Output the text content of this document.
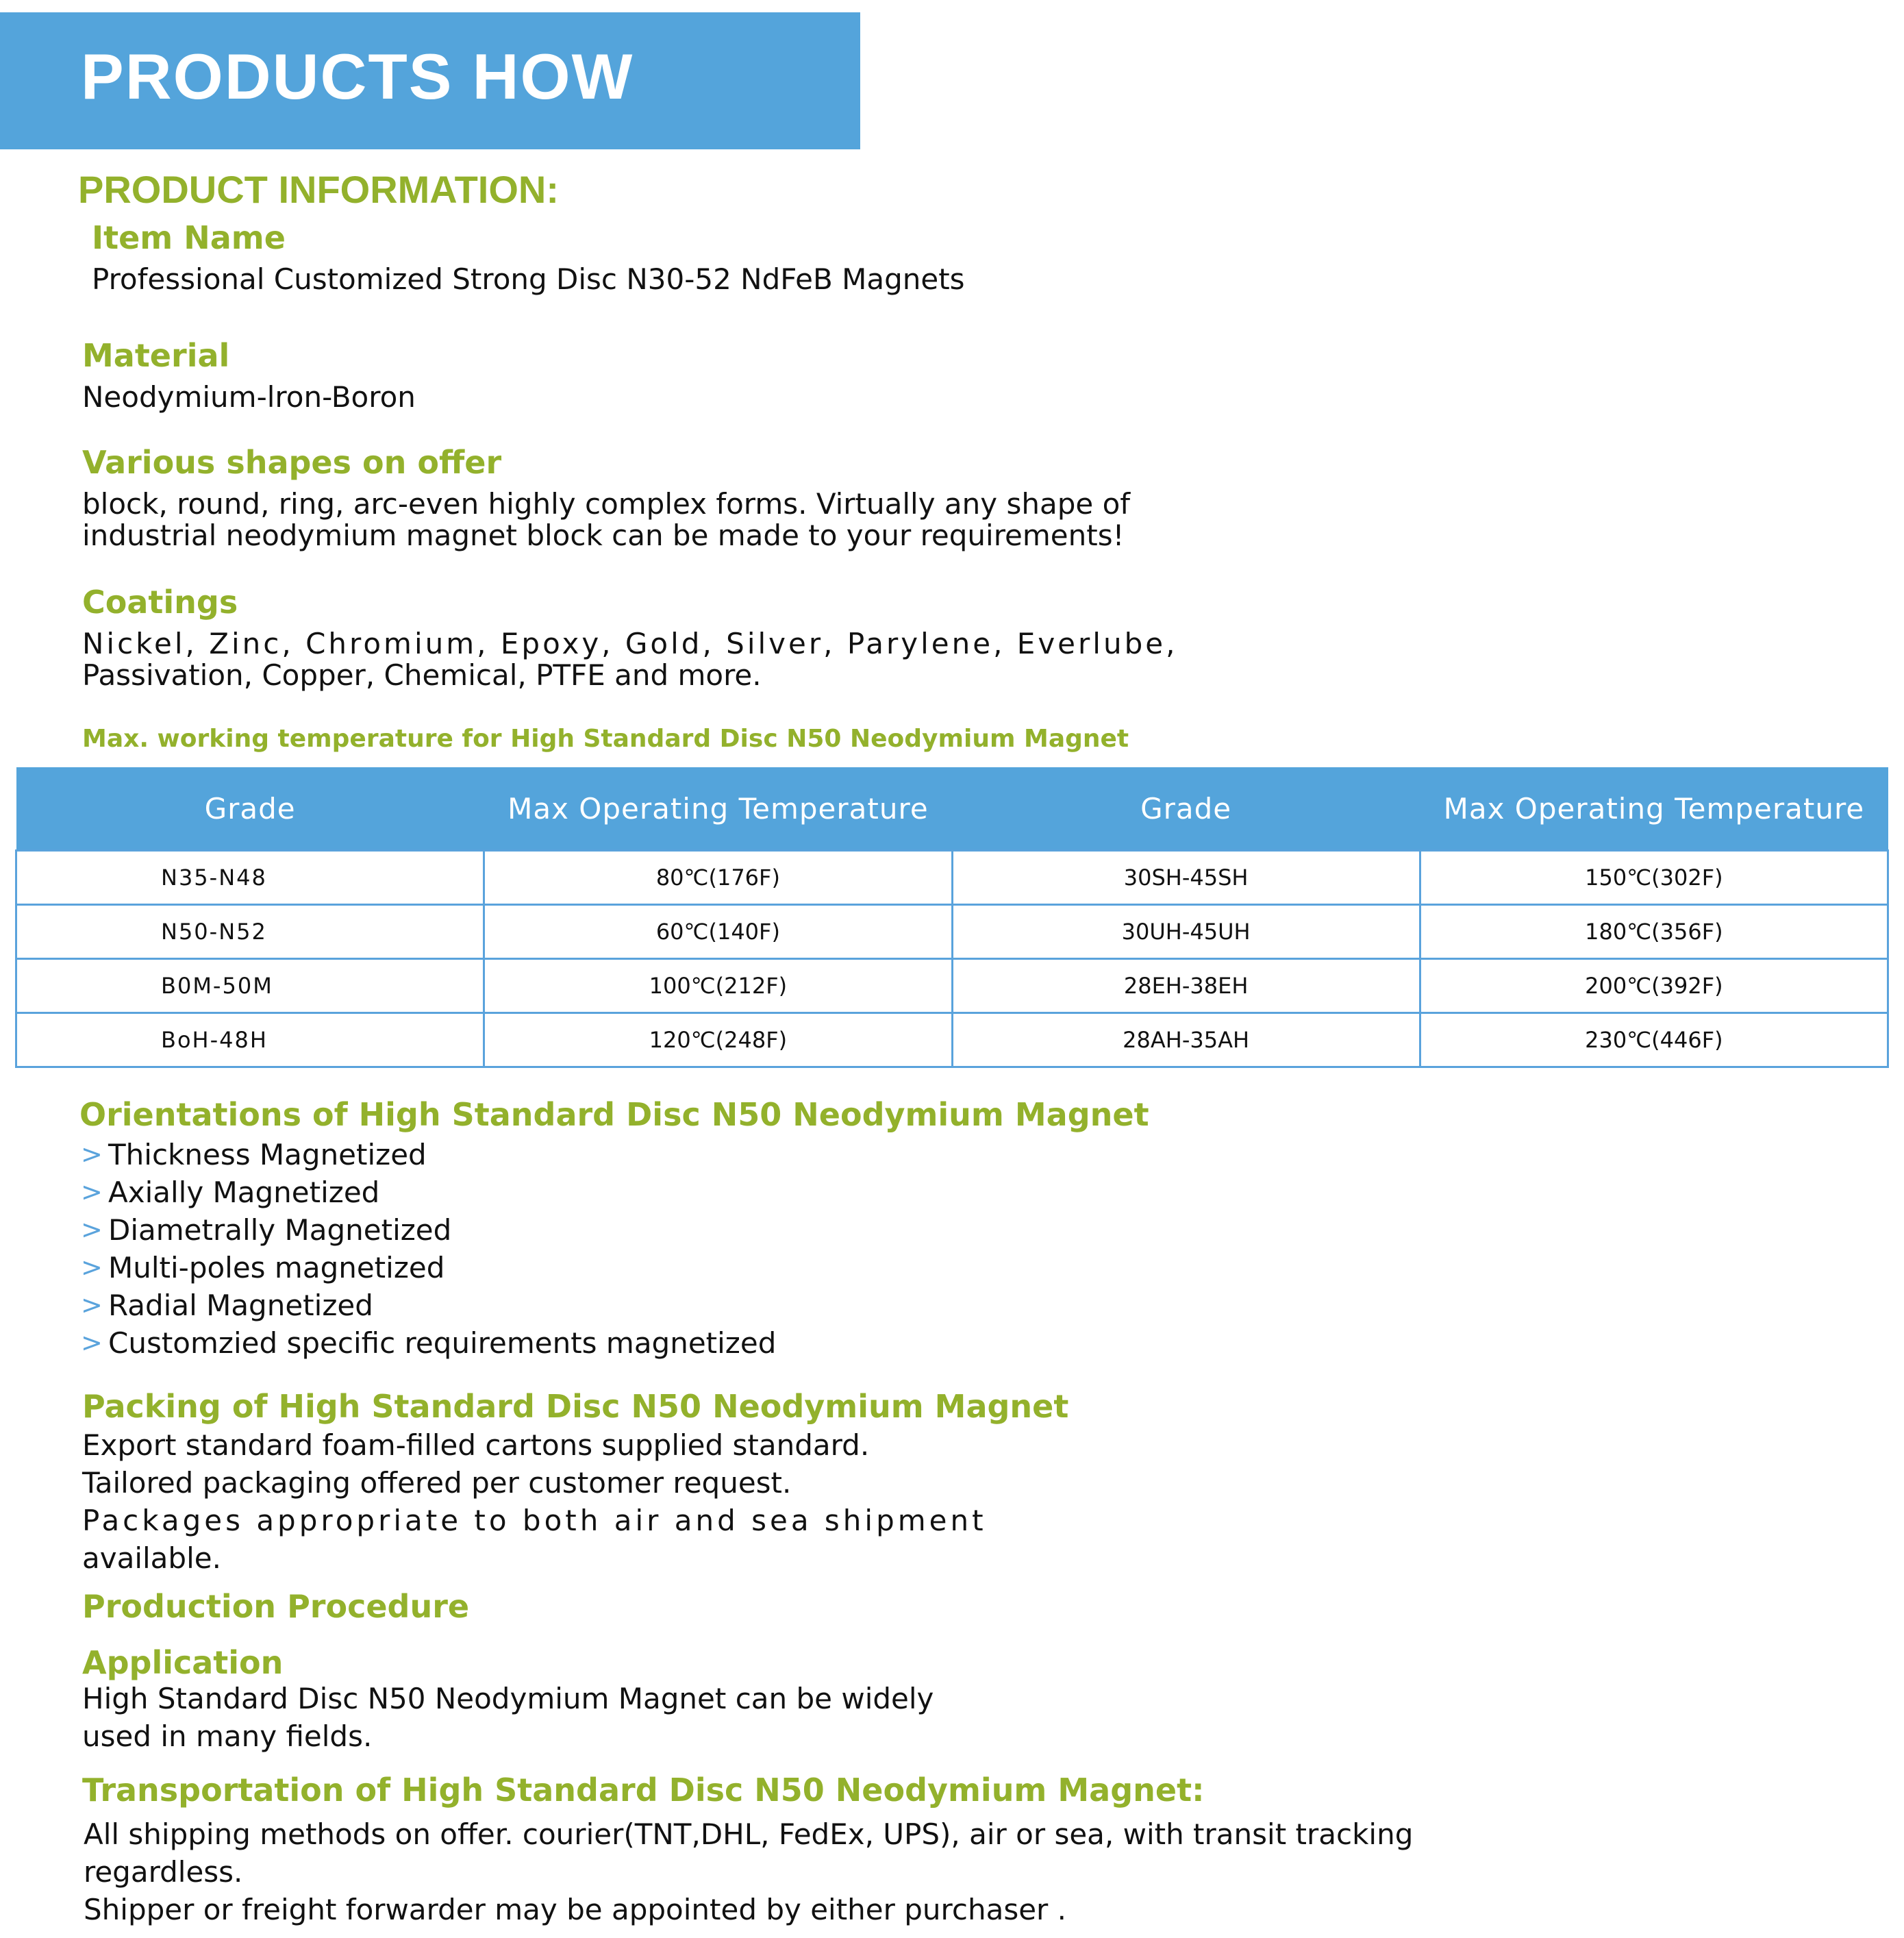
PRODUCTS HOW
PRODUCT INFORMATION:
Item Name
Professional Customized Strong Disc N30-52 NdFeB Magnets
Material
Neodymium-lron-Boron
Various shapes on offer
block, round, ring, arc-even highly complex forms. Virtually any shape of
industrial neodymium magnet block can be made to your requirements!
Coatings
Nickel, Zinc, Chromium, Epoxy, Gold, Silver, Parylene, Everlube,
Passivation, Copper, Chemical, PTFE and more.
Max. working temperature for High Standard Disc N50 Neodymium Magnet
Grade	Max Operating Temperature	Grade	Max Operating Temperature
N35-N48	80℃(176F)	30SH-45SH	150℃(302F)
N50-N52	60℃(140F)	30UH-45UH	180℃(356F)
B0M-50M	100℃(212F)	28EH-38EH	200℃(392F)
BoH-48H	120℃(248F)	28AH-35AH	230℃(446F)
Orientations of High Standard Disc N50 Neodymium Magnet
> Thickness Magnetized
> Axially Magnetized
> Diametrally Magnetized
> Multi-poles magnetized
> Radial Magnetized
> Customzied specific requirements magnetized
Packing of High Standard Disc N50 Neodymium Magnet
Export standard foam-filled cartons supplied standard.
Tailored packaging offered per customer request.
Packages appropriate to both air and sea shipment
available.
Production Procedure
Application
High Standard Disc N50 Neodymium Magnet can be widely
used in many fields.
Transportation of High Standard Disc N50 Neodymium Magnet:
All shipping methods on offer. courier(TNT,DHL, FedEx, UPS), air or sea, with transit tracking
regardless.
Shipper or freight forwarder may be appointed by either purchaser .
